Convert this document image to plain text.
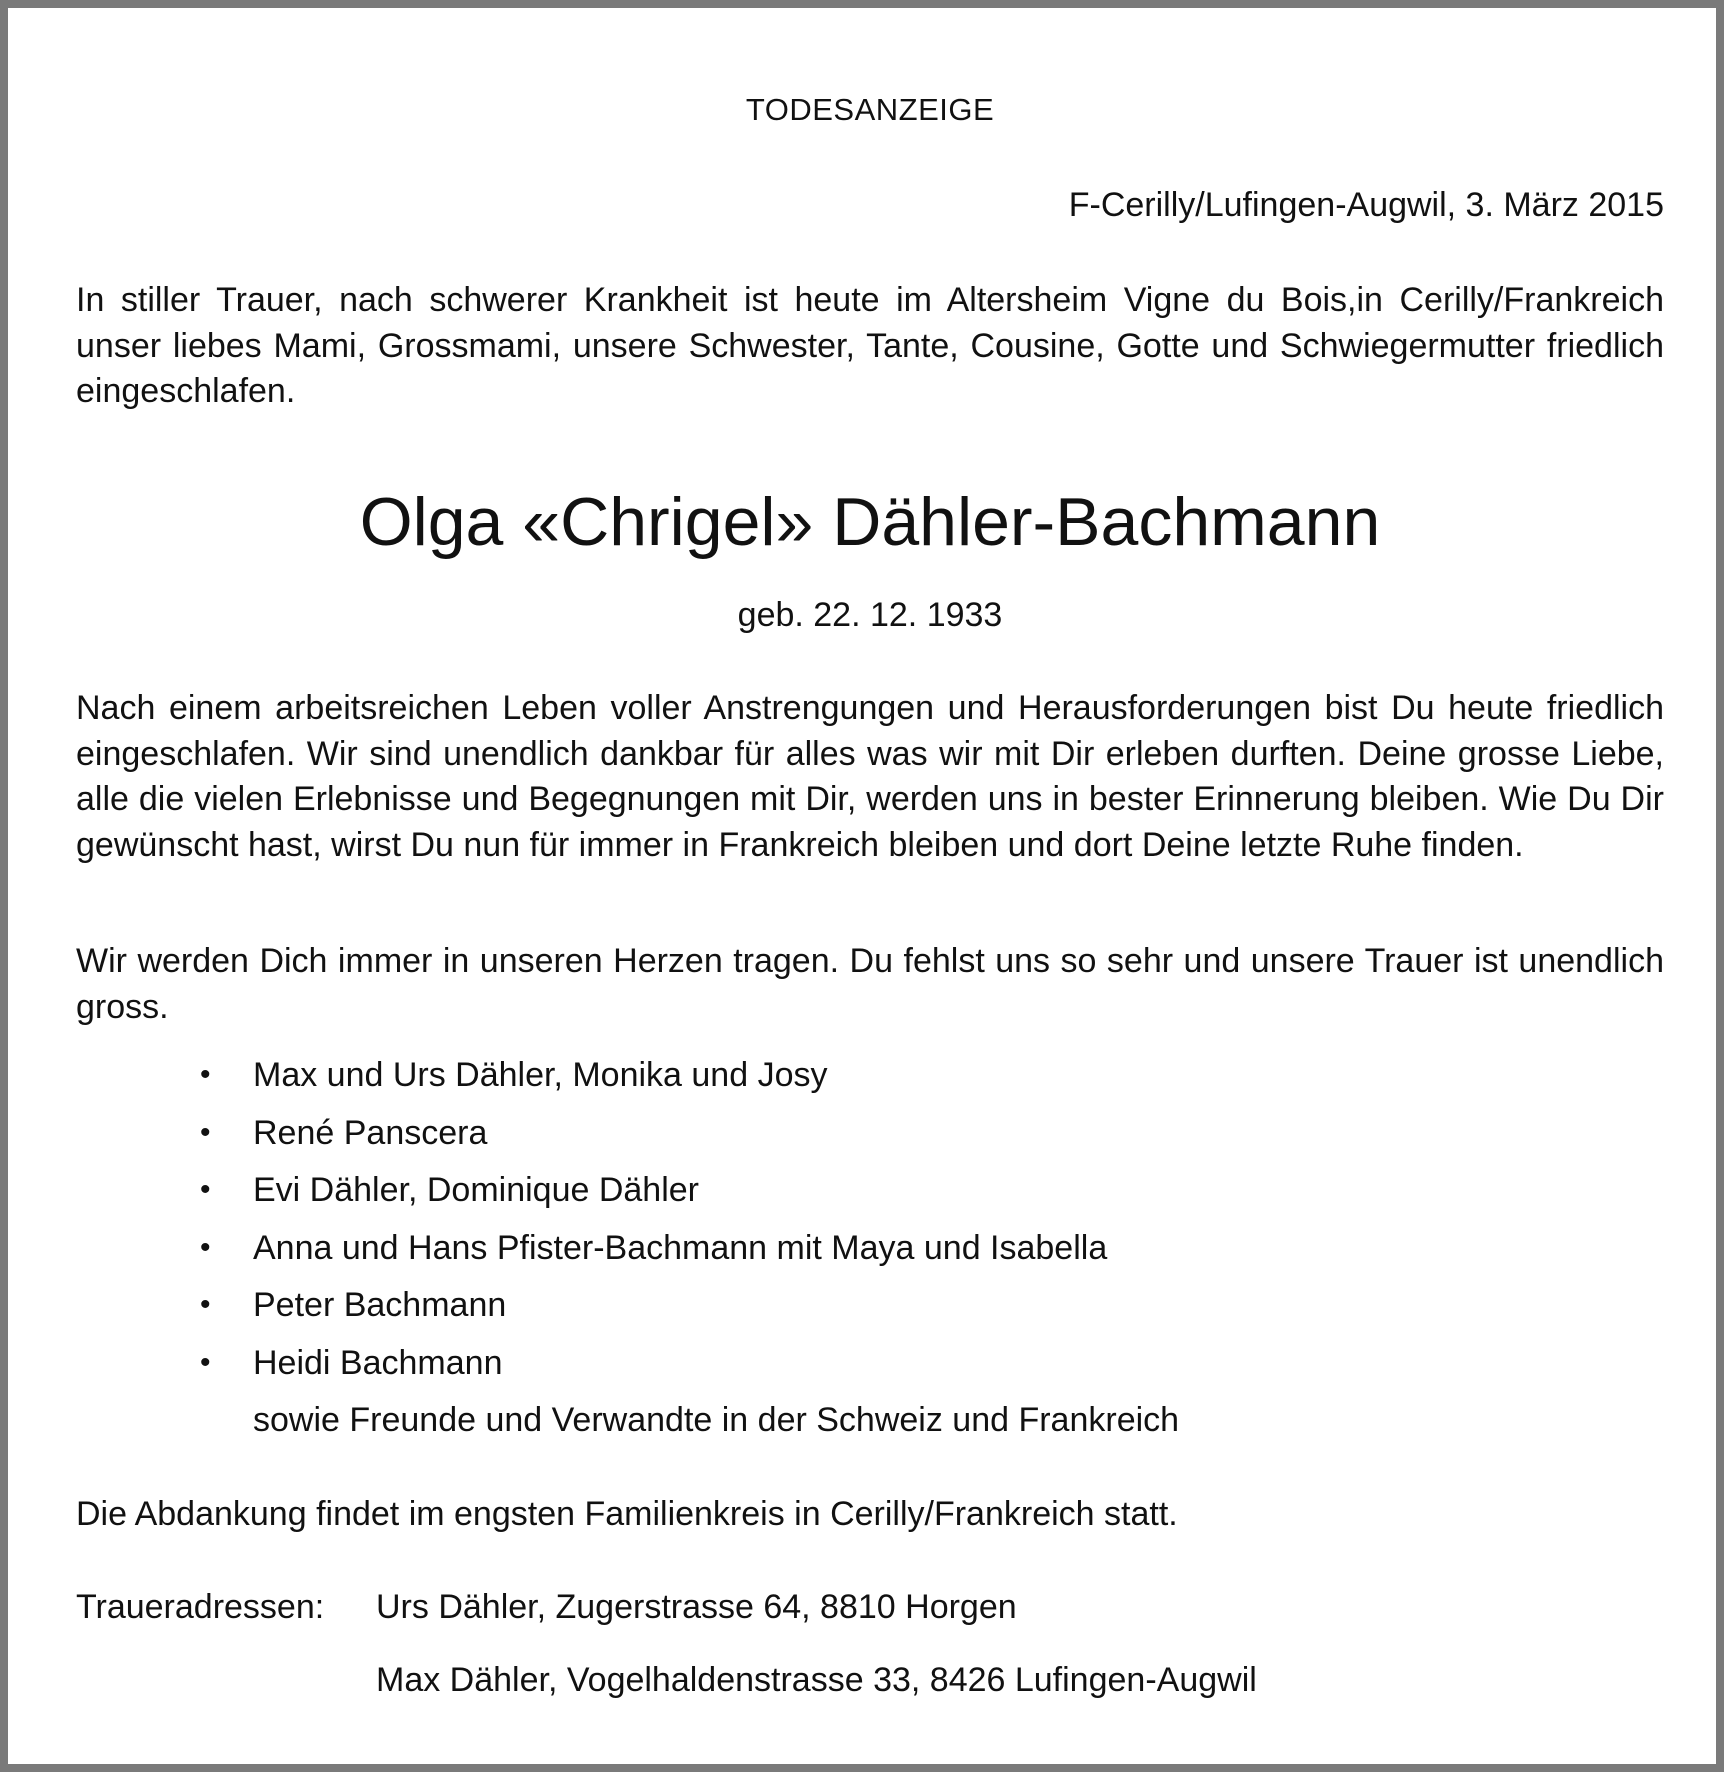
TODESANZEIGE
F-Cerilly/Lufingen-Augwil, 3. März 2015

In stiller Trauer, nach schwerer Krankheit ist heute im Altersheim Vigne du Bois,in Cerilly/Frankreich unser liebes Mami, Grossmami, unsere Schwester, Tante, Cousine, Gotte und Schwiegermutter friedlich eingeschlafen.

Olga «Chrigel» Dähler-Bachmann
geb. 22. 12. 1933

Nach einem arbeitsreichen Leben voller Anstrengungen und Herausforderungen bist Du heute friedlich eingeschlafen. Wir sind unendlich dankbar für alles was wir mit Dir erleben durften. Deine grosse Liebe, alle die vielen Erlebnisse und Begegnungen mit Dir, werden uns in bester Erinnerung bleiben. Wie Du Dir gewünscht hast, wirst Du nun für immer in Frankreich bleiben und dort Deine letzte Ruhe finden.

Wir werden Dich immer in unseren Herzen tragen. Du fehlst uns so sehr und unsere Trauer ist unendlich gross.

• Max und Urs Dähler, Monika und Josy
• René Panscera
• Evi Dähler, Dominique Dähler
• Anna und Hans Pfister-Bachmann mit Maya und Isabella
• Peter Bachmann
• Heidi Bachmann
sowie Freunde und Verwandte in der Schweiz und Frankreich
Die Abdankung findet im engsten Familienkreis in Cerilly/Frankreich statt.
Traueradressen: Urs Dähler, Zugerstrasse 64, 8810 Horgen
Max Dähler, Vogelhaldenstrasse 33, 8426 Lufingen-Augwil
